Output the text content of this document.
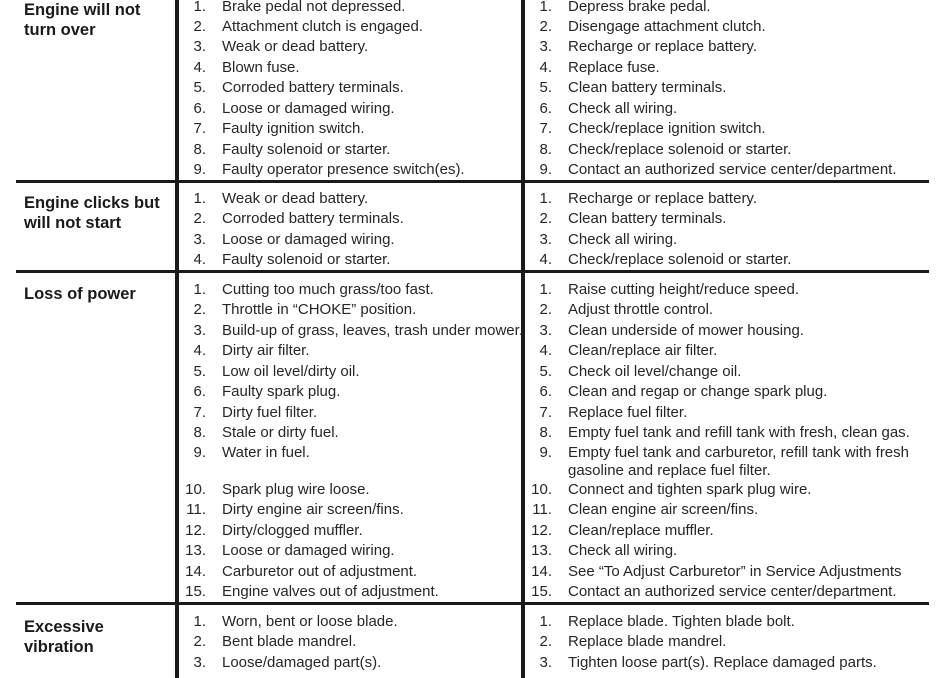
Engine will not
turn over
1. Brake pedal not depressed.
2. Attachment clutch is engaged.
3. Weak or dead battery.
4. Blown fuse.
5. Corroded battery terminals.
6. Loose or damaged wiring.
7. Faulty ignition switch.
8. Faulty solenoid or starter.
9. Faulty operator presence switch(es).
1. Depress brake pedal.
2. Disengage attachment clutch.
3. Recharge or replace battery.
4. Replace fuse.
5. Clean battery terminals.
6. Check all wiring.
7. Check/replace ignition switch.
8. Check/replace solenoid or starter.
9. Contact an authorized service center/department.
Engine clicks but
will not start
1. Weak or dead battery.
2. Corroded battery terminals.
3. Loose or damaged wiring.
4. Faulty solenoid or starter.
1. Recharge or replace battery.
2. Clean battery terminals.
3. Check all wiring.
4. Check/replace solenoid or starter.
Loss of power	1. Cutting too much grass/too fast.
2. Throttle in “CHOKE” position.
3. Build-up of grass, leaves, trash under mower.
4. Dirty air filter.
5. Low oil level/dirty oil.
6. Faulty spark plug.
7. Dirty fuel filter.
8. Stale or dirty fuel.
9. Water in fuel.
10. Spark plug wire loose.
11. Dirty engine air screen/fins.
12. Dirty/clogged muffler.
13. Loose or damaged wiring.
14. Carburetor out of adjustment.
15. Engine valves out of adjustment.
1. Raise cutting height/reduce speed.
2. Adjust throttle control.
3. Clean underside of mower housing.
4. Clean/replace air filter.
5. Check oil level/change oil.
6. Clean and regap or change spark plug.
7. Replace fuel filter.
8. Empty fuel tank and refill tank with fresh, clean gas.
9. Empty fuel tank and carburetor, refill tank with fresh
gasoline and replace fuel filter.
10. Connect and tighten spark plug wire.
11. Clean engine air screen/fins.
12. Clean/replace muffler.
13. Check all wiring.
14. See “To Adjust Carburetor” in Service Adjustments
15. Contact an authorized service center/department.
Excessive
vibration
1. Worn, bent or loose blade.
2. Bent blade mandrel.
3. Loose/damaged part(s).
1. Replace blade. Tighten blade bolt.
2. Replace blade mandrel.
3. Tighten loose part(s). Replace damaged parts.
